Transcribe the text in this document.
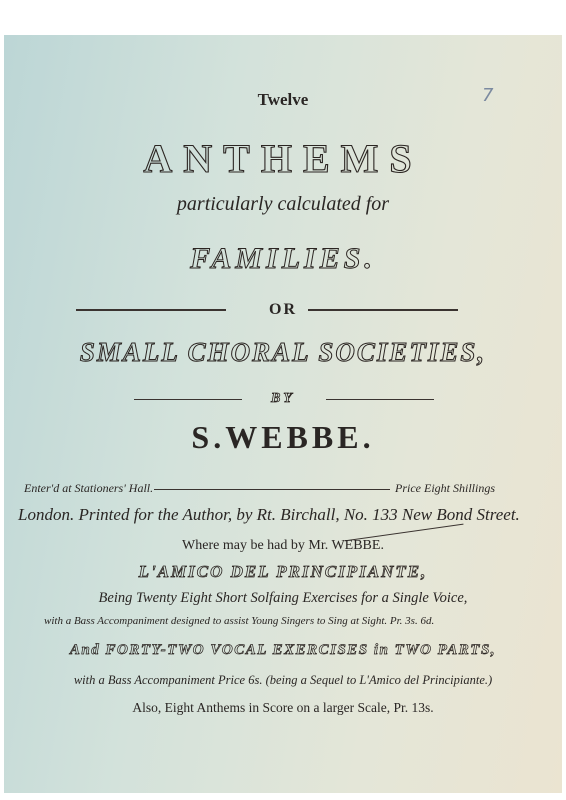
7
Twelve
ANTHEMS
particularly calculated for
FAMILIES.
OR
SMALL CHORAL SOCIETIES,
BY
S.WEBBE.
Enter'd at Stationers' Hall.	Price Eight Shillings
London. Printed for the Author, by Rt. Birchall, No. 133 New Bond Street.
Where may be had by Mr. WEBBE.
L'AMICO DEL PRINCIPIANTE,
Being Twenty Eight Short Solfaing Exercises for a Single Voice,
with a Bass Accompaniment designed to assist Young Singers to Sing at Sight. Pr. 3s. 6d.
And FORTY-TWO VOCAL EXERCISES in TWO PARTS,
with a Bass Accompaniment Price 6s. (being a Sequel to L'Amico del Principiante.)
Also, Eight Anthems in Score on a larger Scale, Pr. 13s.
